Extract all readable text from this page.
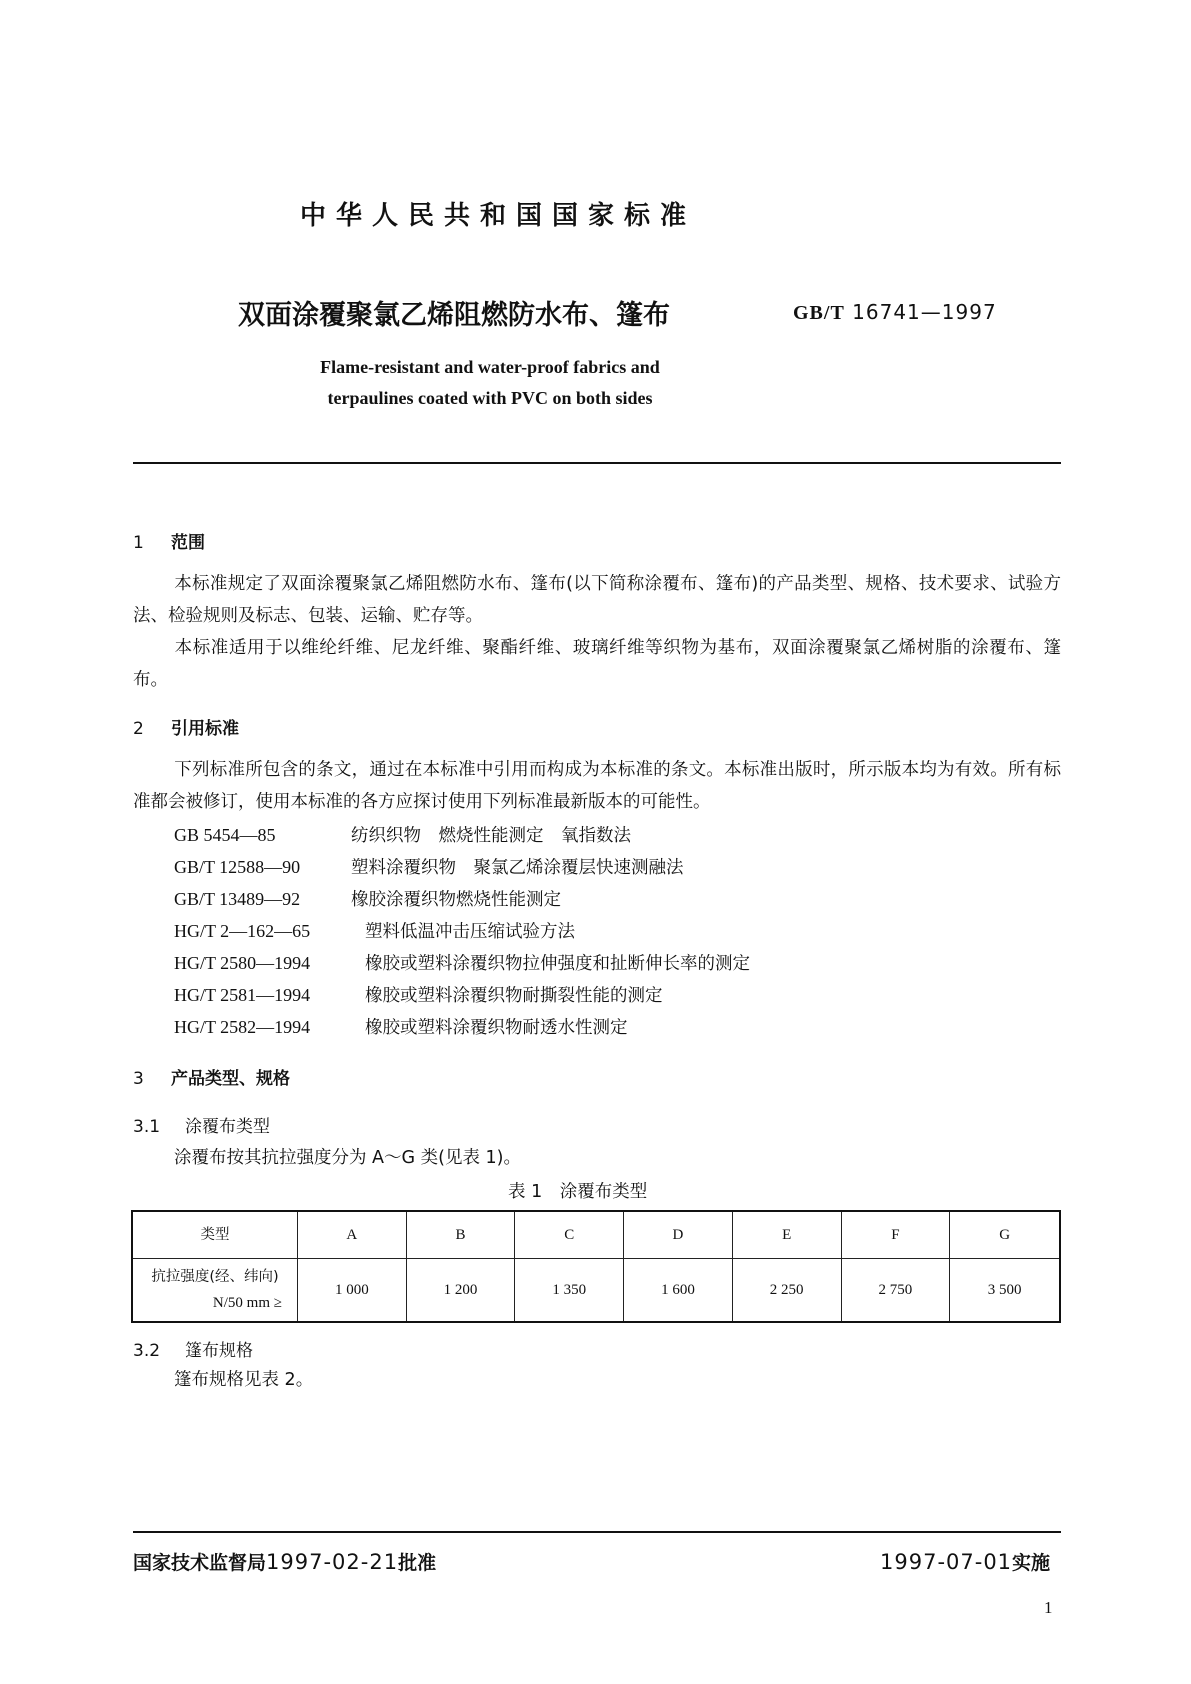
中华人民共和国国家标准
双面涂覆聚氯乙烯阻燃防水布、篷布	GB/T 16741—1997
Flame-resistant and water-proof fabrics and
terpaulines coated with PVC on both sides
1 范围
本标准规定了双面涂覆聚氯乙烯阻燃防水布、篷布(以下简称涂覆布、篷布)的产品类型、规格、技术要求、试验方法、检验规则及标志、包装、运输、贮存等。
本标准适用于以维纶纤维、尼龙纤维、聚酯纤维、玻璃纤维等织物为基布，双面涂覆聚氯乙烯树脂的涂覆布、篷布。
2 引用标准
下列标准所包含的条文，通过在本标准中引用而构成为本标准的条文。本标准出版时，所示版本均为有效。所有标准都会被修订，使用本标准的各方应探讨使用下列标准最新版本的可能性。
GB 5454—85	纺织织物　燃烧性能测定　氧指数法
GB/T 12588—90	塑料涂覆织物　聚氯乙烯涂覆层快速测融法
GB/T 13489—92	橡胶涂覆织物燃烧性能测定
HG/T 2—162—65	塑料低温冲击压缩试验方法
HG/T 2580—1994	橡胶或塑料涂覆织物拉伸强度和扯断伸长率的测定
HG/T 2581—1994	橡胶或塑料涂覆织物耐撕裂性能的测定
HG/T 2582—1994	橡胶或塑料涂覆织物耐透水性测定
3 产品类型、规格
3.1 涂覆布类型
涂覆布按其抗拉强度分为 A～G 类(见表 1)。
表 1　涂覆布类型
类型	A	B	C	D	E	F	G

抗拉强度(经、纬向)
N/50 mm ≥	1 000	1 200	1 350	1 600	2 250	2 750	3 500
3.2 篷布规格
篷布规格见表 2。
国家技术监督局1997-02-21批准	1997-07-01实施
1
